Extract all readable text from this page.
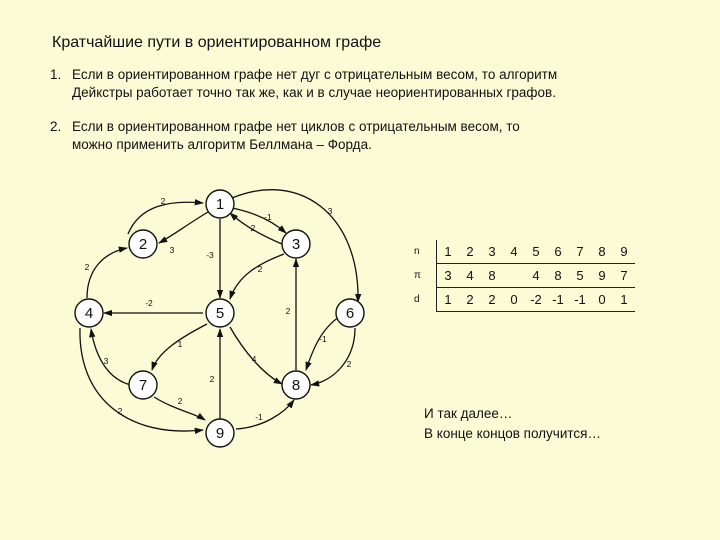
Кратчайшие пути в ориентированном графе
1. Если в ориентированном графе нет дуг с отрицательным весом, то алгоритм
Дейкстры работает точно так же, как и в случае неориентированных графов.
2. Если в ориентированном графе нет циклов с отрицательным весом, то
можно применить алгоритм Беллмана – Форда.
1
2	3
4	5	6
7	8
9
2
-1
2
3
3	-3
2	2
-2
1
4
2
-1
2
3
2
2
2
-1
n	1	2	3	4	5	6	7	8	9
π	3	4	8		4	8	5	9	7
d	1	2	2	0	-2	-1	-1	0	1
И так далее…
В конце концов получится…
